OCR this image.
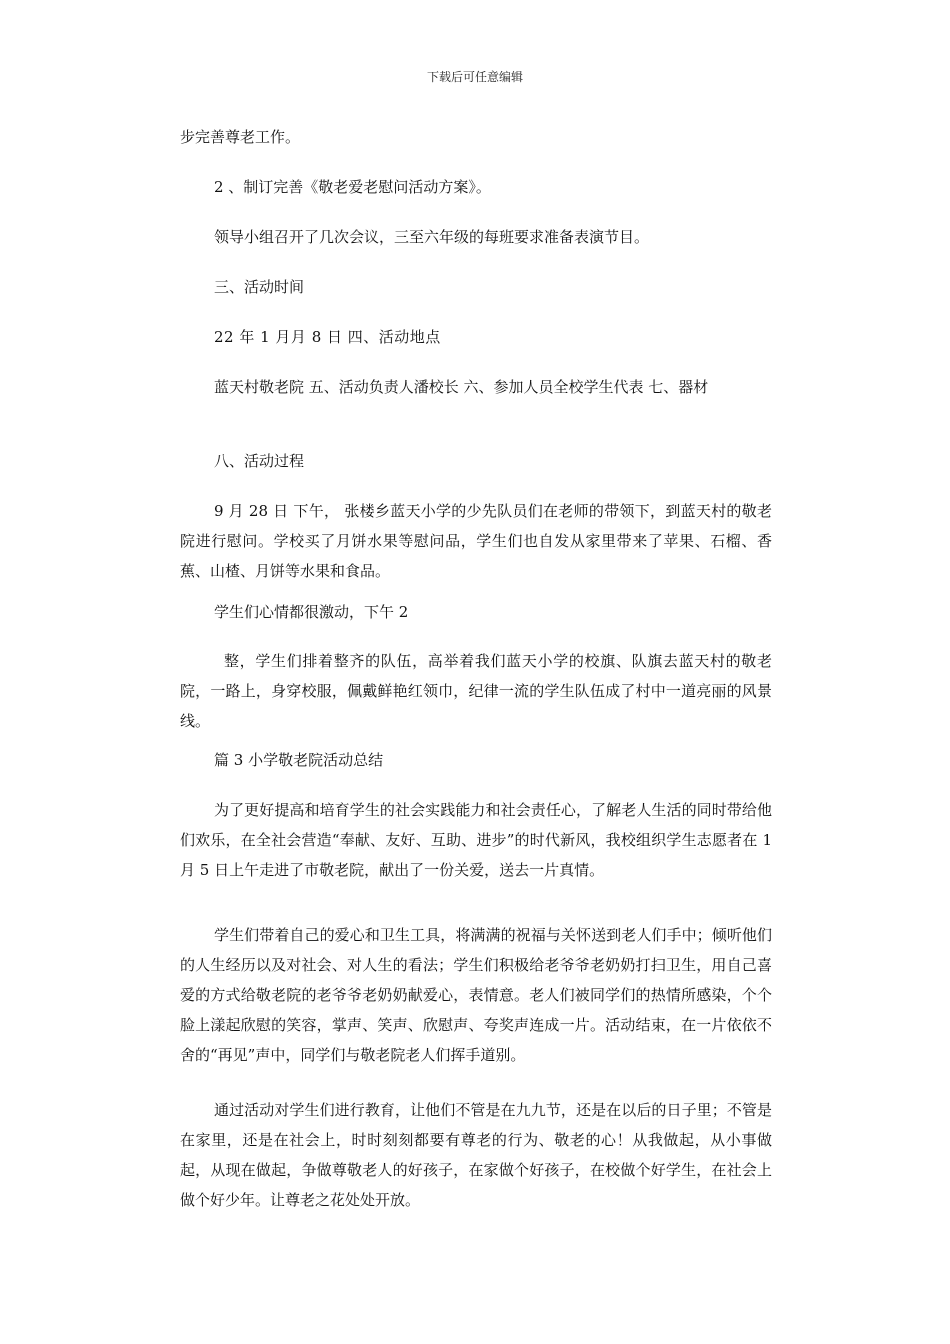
下载后可任意编辑

步完善尊老工作。

2 、制订完善《敬老爱老慰问活动方案》。

领导小组召开了几次会议，三至六年级的每班要求准备表演节目。

三、活动时间

22 年 1 月月 8 日 四、活动地点

蓝天村敬老院 五、活动负责人潘校长 六、参加人员全校学生代表 七、器材

八、活动过程

9 月 28 日 下午， 张楼乡蓝天小学的少先队员们在老师的带领下，到蓝天村的敬老院进行慰问。学校买了月饼水果等慰问品，学生们也自发从家里带来了苹果、石榴、香蕉、山楂、月饼等水果和食品。

学生们心情都很激动，下午 2

整，学生们排着整齐的队伍，高举着我们蓝天小学的校旗、队旗去蓝天村的敬老院，一路上，身穿校服，佩戴鲜艳红领巾，纪律一流的学生队伍成了村中一道亮丽的风景线。

篇 3 小学敬老院活动总结

为了更好提高和培育学生的社会实践能力和社会责任心，了解老人生活的同时带给他们欢乐，在全社会营造“奉献、友好、互助、进步”的时代新风，我校组织学生志愿者在 1 月 5 日上午走进了市敬老院，献出了一份关爱，送去一片真情。

学生们带着自己的爱心和卫生工具，将满满的祝福与关怀送到老人们手中；倾听他们的人生经历以及对社会、对人生的看法；学生们积极给老爷爷老奶奶打扫卫生，用自己喜爱的方式给敬老院的老爷爷老奶奶献爱心，表情意。老人们被同学们的热情所感染，个个脸上漾起欣慰的笑容，掌声、笑声、欣慰声、夸奖声连成一片。活动结束，在一片依依不舍的“再见”声中，同学们与敬老院老人们挥手道别。

通过活动对学生们进行教育，让他们不管是在九九节，还是在以后的日子里；不管是在家里，还是在社会上，时时刻刻都要有尊老的行为、敬老的心！从我做起，从小事做起，从现在做起，争做尊敬老人的好孩子，在家做个好孩子，在校做个好学生，在社会上做个好少年。让尊老之花处处开放。
